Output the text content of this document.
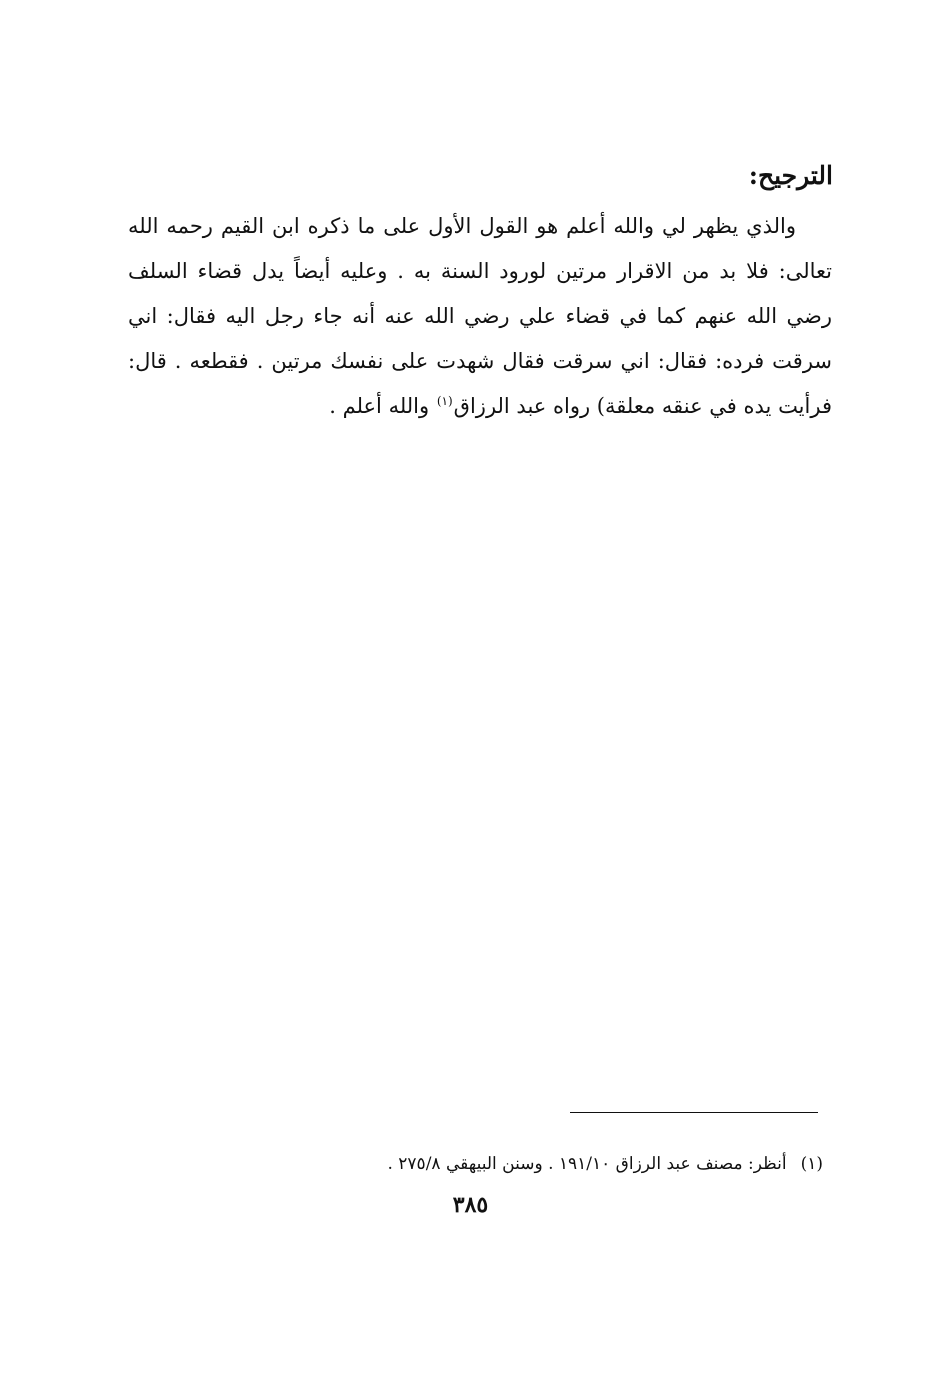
الترجيح:
والذي يظهر لي والله أعلم هو القول الأول على ما ذكره ابن القيم رحمه الله
تعالى: فلا بد من الاقرار مرتين لورود السنة به . وعليه أيضاً يدل قضاء السلف
رضي الله عنهم كما في قضاء علي رضي الله عنه أنه جاء رجل اليه فقال: اني
سرقت فرده: فقال: اني سرقت فقال شهدت على نفسك مرتين . فقطعه . قال:
فرأيت يده في عنقه معلقة) رواه عبد الرزاق$^{(١)}$ والله أعلم .
(١)أنظر: مصنف عبد الرزاق ١٩١/١٠ . وسنن البيهقي ٢٧٥/٨ .
٣٨٥
